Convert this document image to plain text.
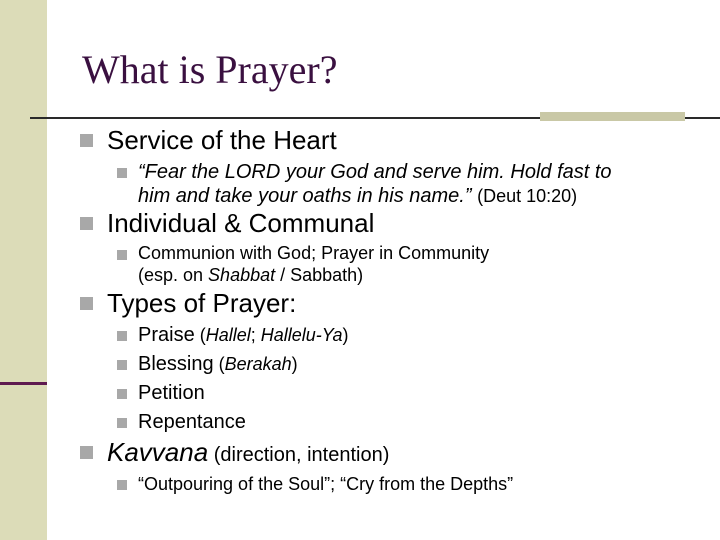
What is Prayer?
Service of the Heart
“Fear the LORD your God and serve him. Hold fast to
him and take your oaths in his name.” (Deut 10:20)
Individual & Communal
Communion with God; Prayer in Community
(esp. on Shabbat / Sabbath)
Types of Prayer:
Praise (Hallel; Hallelu-Ya)
Blessing (Berakah)
Petition
Repentance
Kavvana (direction, intention)
“Outpouring of the Soul”; “Cry from the Depths”
